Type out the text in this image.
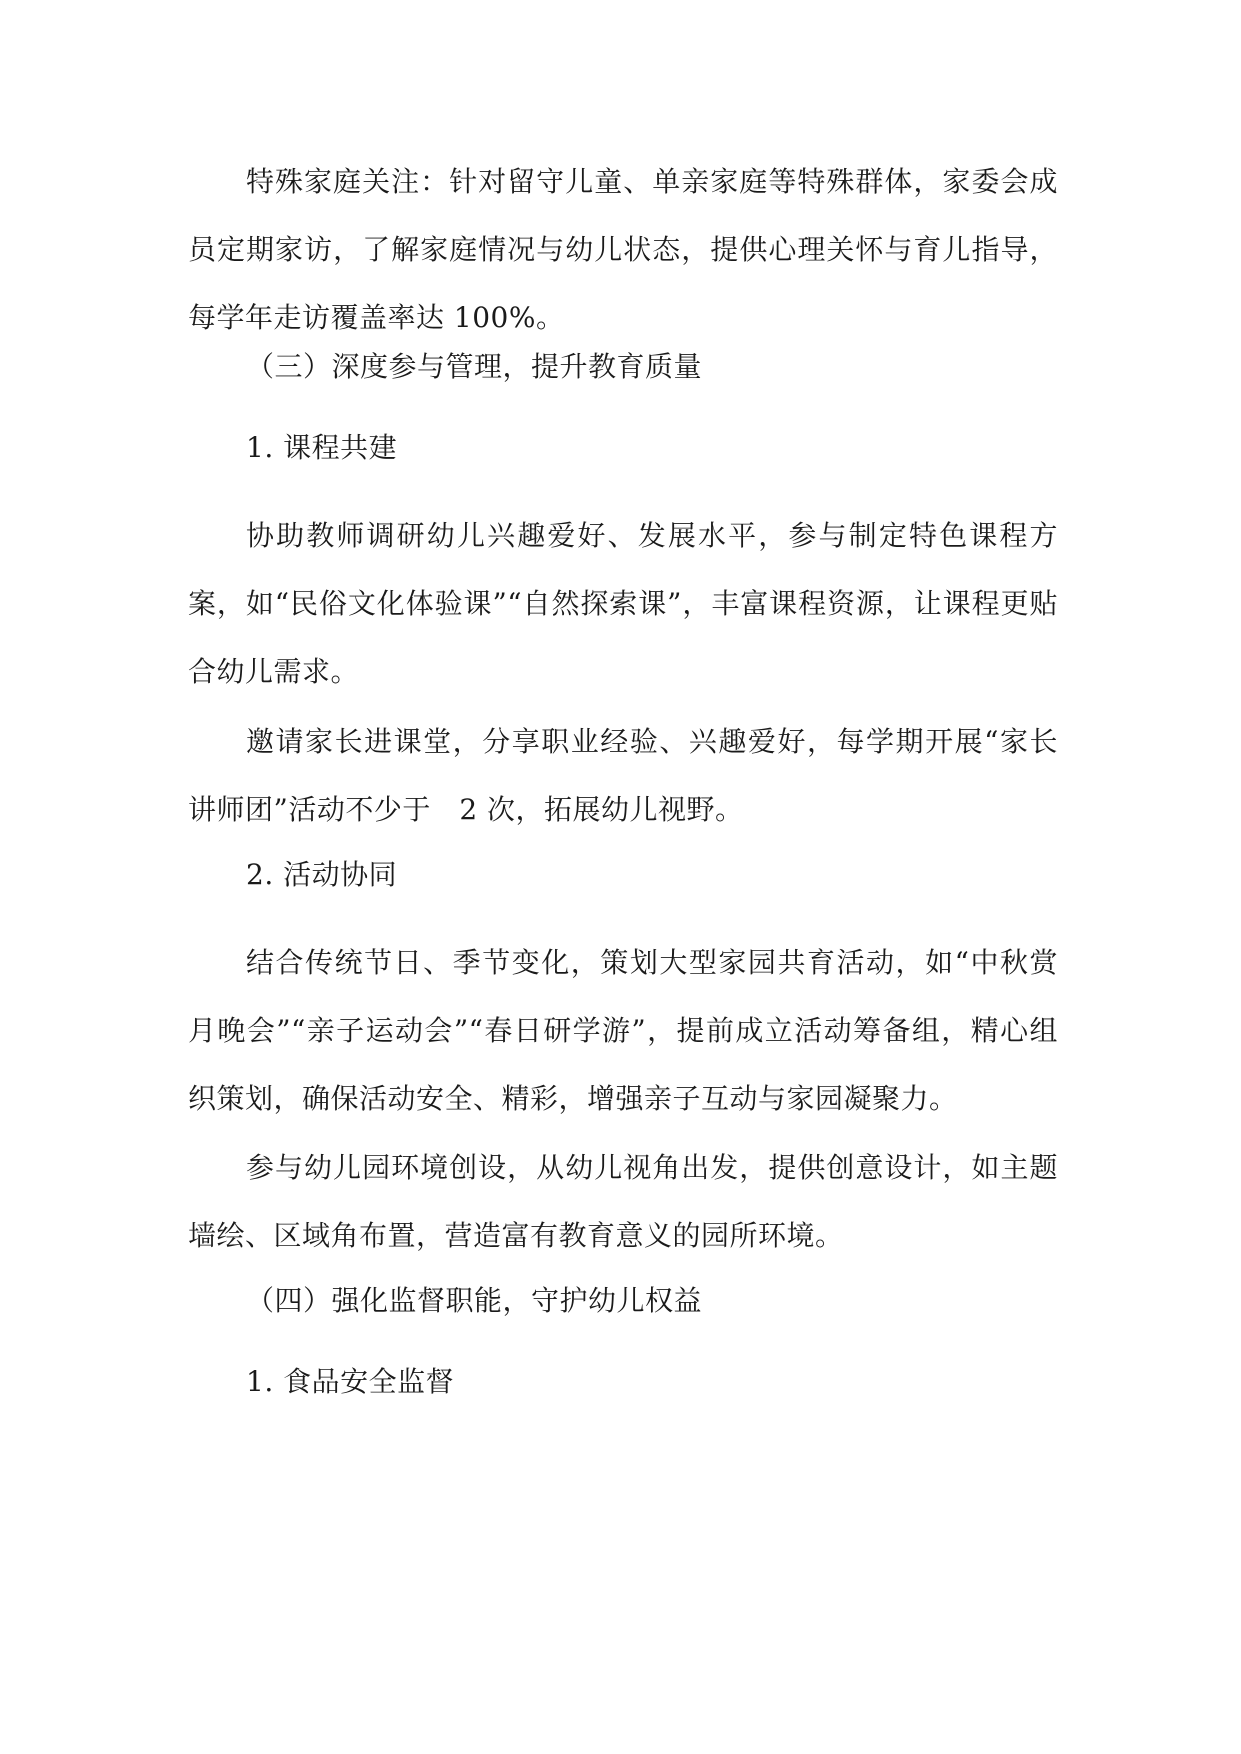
特殊家庭关注：针对留守儿童、单亲家庭等特殊群体，家委会成员定期家访，了解家庭情况与幼儿状态，提供心理关怀与育儿指导，每学年走访覆盖率达 100%。

（三）深度参与管理，提升教育质量

1. 课程共建

协助教师调研幼儿兴趣爱好、发展水平，参与制定特色课程方案，如“民俗文化体验课”“自然探索课”，丰富课程资源，让课程更贴合幼儿需求。

邀请家长进课堂，分享职业经验、兴趣爱好，每学期开展“家长讲师团”活动不少于　2 次，拓展幼儿视野。

2. 活动协同

结合传统节日、季节变化，策划大型家园共育活动，如“中秋赏月晚会”“亲子运动会”“春日研学游”，提前成立活动筹备组，精心组织策划，确保活动安全、精彩，增强亲子互动与家园凝聚力。

参与幼儿园环境创设，从幼儿视角出发，提供创意设计，如主题墙绘、区域角布置，营造富有教育意义的园所环境。

（四）强化监督职能，守护幼儿权益

1. 食品安全监督
